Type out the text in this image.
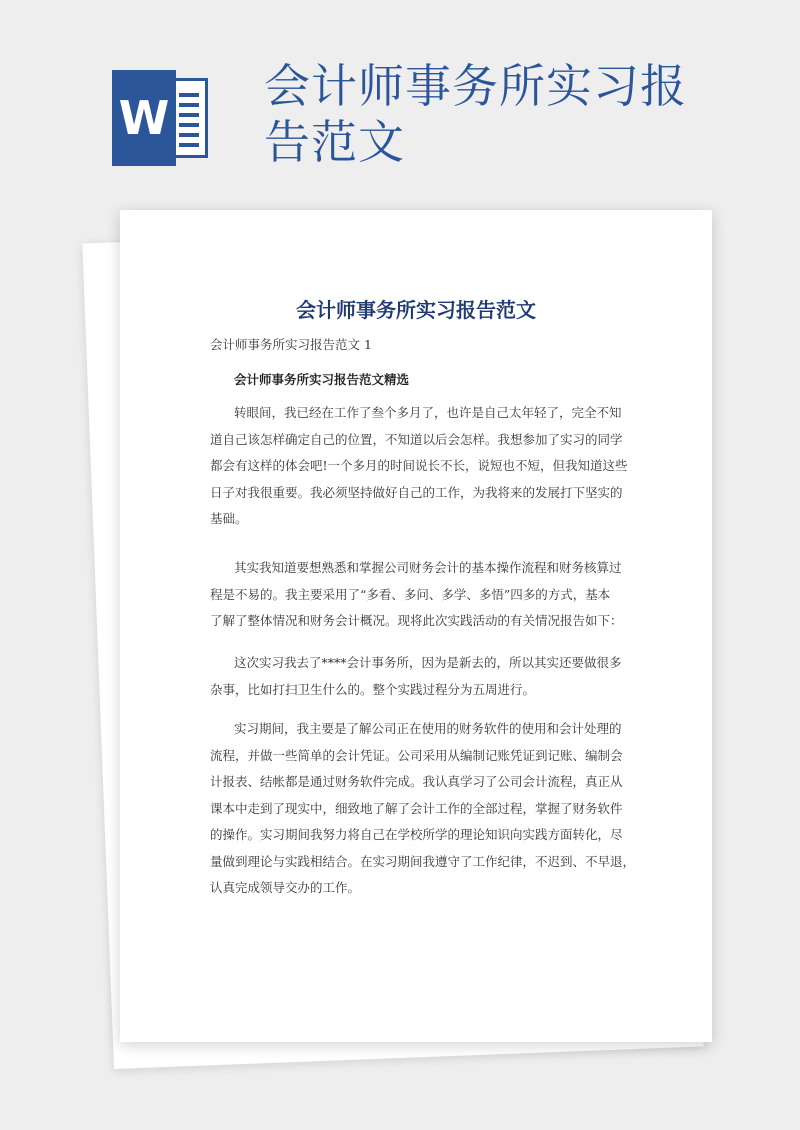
W
会计师事务所实习报告范文
会计师事务所实习报告范文

会计师事务所实习报告范文 1

会计师事务所实习报告范文精选

转眼间，我已经在工作了叁个多月了，也许是自己太年轻了，完全不知
道自己该怎样确定自己的位置，不知道以后会怎样。我想参加了实习的同学
都会有这样的体会吧!一个多月的时间说长不长，说短也不短，但我知道这些
日子对我很重要。我必须坚持做好自己的工作，为我将来的发展打下坚实的
基础。
其实我知道要想熟悉和掌握公司财务会计的基本操作流程和财务核算过
程是不易的。我主要采用了“多看、多问、多学、多悟”四多的方式，基本
了解了整体情况和财务会计概况。现将此次实践活动的有关情况报告如下：
这次实习我去了****会计事务所，因为是新去的，所以其实还要做很多
杂事，比如打扫卫生什么的。整个实践过程分为五周进行。
实习期间，我主要是了解公司正在使用的财务软件的使用和会计处理的
流程，并做一些简单的会计凭证。公司采用从编制记账凭证到记账、编制会
计报表、结帐都是通过财务软件完成。我认真学习了公司会计流程，真正从
课本中走到了现实中，细致地了解了会计工作的全部过程，掌握了财务软件
的操作。实习期间我努力将自己在学校所学的理论知识向实践方面转化，尽
量做到理论与实践相结合。在实习期间我遵守了工作纪律，不迟到、不早退，
认真完成领导交办的工作。
